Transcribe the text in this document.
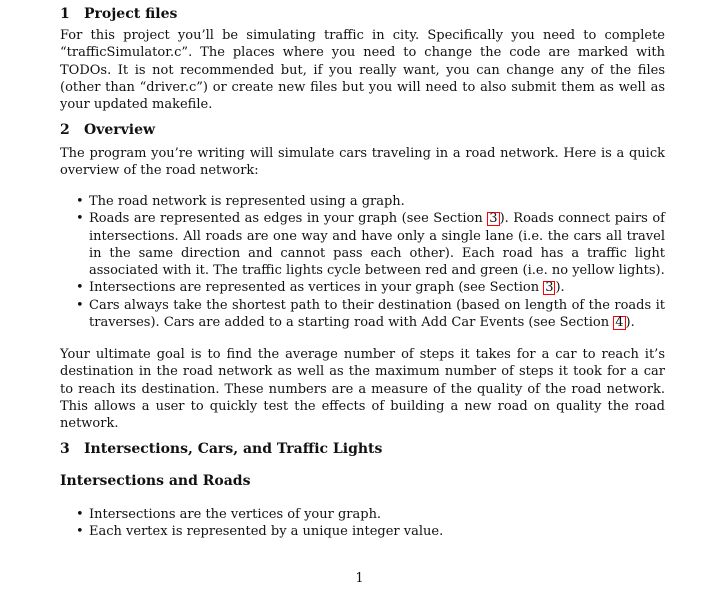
1 Project files

For this project you’ll be simulating traffic in city. Specifically you need to complete “trafficSimulator.c”. The places where you need to change the code are marked with TODOs. It is not recommended but, if you really want, you can change any of the files (other than “driver.c”) or create new files but you will need to also submit them as well as your updated makefile.

2 Overview

The program you’re writing will simulate cars traveling in a road network. Here is a quick overview of the road network:

• The road network is represented using a graph.
• Roads are represented as edges in your graph (see Section 3 ). Roads connect pairs of intersections. All roads are one way and have only a single lane (i.e. the cars all travel in the same direction and cannot pass each other). Each road has a traffic light associated with it. The traffic lights cycle between red and green (i.e. no yellow lights).
• Intersections are represented as vertices in your graph (see Section 3 ).
• Cars always take the shortest path to their destination (based on length of the roads it traverses). Cars are added to a starting road with Add Car Events (see Section 4 ).

Your ultimate goal is to find the average number of steps it takes for a car to reach it’s destination in the road network as well as the maximum number of steps it took for a car to reach its destination. These numbers are a measure of the quality of the road network. This allows a user to quickly test the effects of building a new road on quality the road network.

3 Intersections, Cars, and Traffic Lights
Intersections and Roads
• Intersections are the vertices of your graph.
• Each vertex is represented by a unique integer value.
1
